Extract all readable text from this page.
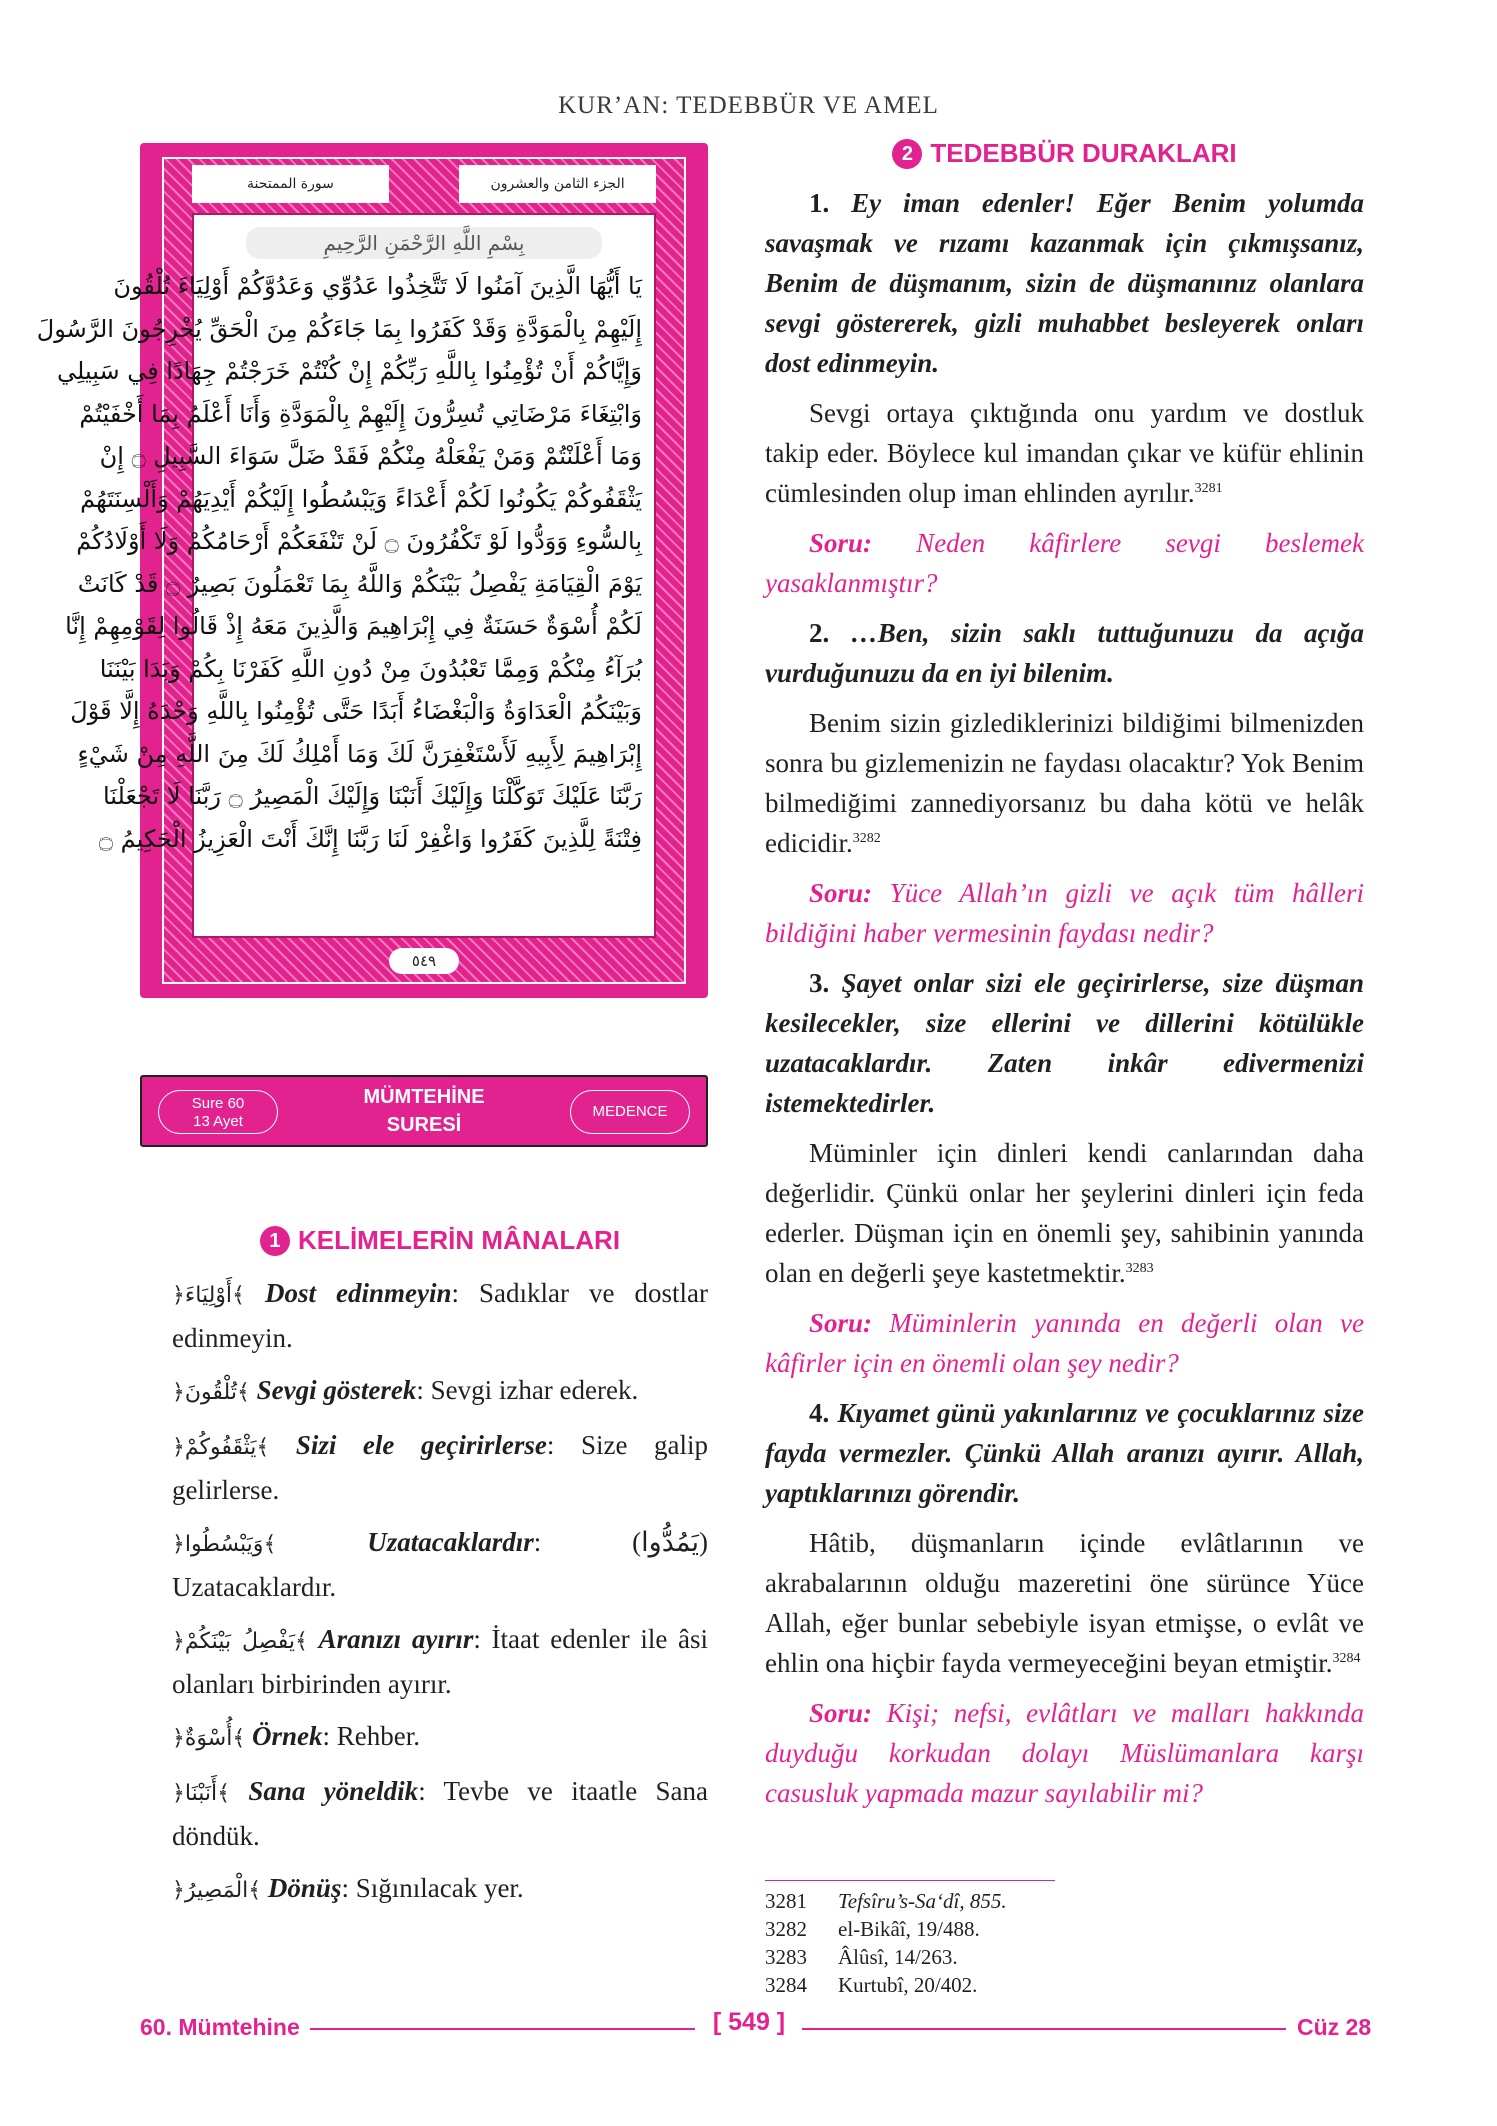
KUR’AN: TEDEBBÜR VE AMEL
سورة الممتحنة	الجزء الثامن والعشرون
بِسْمِ اللَّهِ الرَّحْمَنِ الرَّحِيمِ
يَا أَيُّهَا الَّذِينَ آمَنُوا لَا تَتَّخِذُوا عَدُوِّي وَعَدُوَّكُمْ أَوْلِيَاءَ تُلْقُونَ
إِلَيْهِمْ بِالْمَوَدَّةِ وَقَدْ كَفَرُوا بِمَا جَاءَكُمْ مِنَ الْحَقِّ يُخْرِجُونَ الرَّسُولَ
وَإِيَّاكُمْ أَنْ تُؤْمِنُوا بِاللَّهِ رَبِّكُمْ إِنْ كُنْتُمْ خَرَجْتُمْ جِهَادًا فِي سَبِيلِي
وَابْتِغَاءَ مَرْضَاتِي تُسِرُّونَ إِلَيْهِمْ بِالْمَوَدَّةِ وَأَنَا أَعْلَمُ بِمَا أَخْفَيْتُمْ
وَمَا أَعْلَنْتُمْ وَمَنْ يَفْعَلْهُ مِنْكُمْ فَقَدْ ضَلَّ سَوَاءَ السَّبِيلِ ۝ إِنْ
يَثْقَفُوكُمْ يَكُونُوا لَكُمْ أَعْدَاءً وَيَبْسُطُوا إِلَيْكُمْ أَيْدِيَهُمْ وَأَلْسِنَتَهُمْ
بِالسُّوءِ وَوَدُّوا لَوْ تَكْفُرُونَ ۝ لَنْ تَنْفَعَكُمْ أَرْحَامُكُمْ وَلَا أَوْلَادُكُمْ
يَوْمَ الْقِيَامَةِ يَفْصِلُ بَيْنَكُمْ وَاللَّهُ بِمَا تَعْمَلُونَ بَصِيرٌ ۝ قَدْ كَانَتْ
لَكُمْ أُسْوَةٌ حَسَنَةٌ فِي إِبْرَاهِيمَ وَالَّذِينَ مَعَهُ إِذْ قَالُوا لِقَوْمِهِمْ إِنَّا
بُرَآءُ مِنْكُمْ وَمِمَّا تَعْبُدُونَ مِنْ دُونِ اللَّهِ كَفَرْنَا بِكُمْ وَبَدَا بَيْنَنَا
وَبَيْنَكُمُ الْعَدَاوَةُ وَالْبَغْضَاءُ أَبَدًا حَتَّى تُؤْمِنُوا بِاللَّهِ وَحْدَهُ إِلَّا قَوْلَ
إِبْرَاهِيمَ لِأَبِيهِ لَأَسْتَغْفِرَنَّ لَكَ وَمَا أَمْلِكُ لَكَ مِنَ اللَّهِ مِنْ شَيْءٍ
رَبَّنَا عَلَيْكَ تَوَكَّلْنَا وَإِلَيْكَ أَنَبْنَا وَإِلَيْكَ الْمَصِيرُ ۝ رَبَّنَا لَا تَجْعَلْنَا
فِتْنَةً لِلَّذِينَ كَفَرُوا وَاغْفِرْ لَنَا رَبَّنَا إِنَّكَ أَنْتَ الْعَزِيزُ الْحَكِيمُ ۝
٥٤٩
Sure 60
13 Ayet
MÜMTEHİNE
SURESİ
MEDENCE
1 KELİMELERİN MÂNALARI
﴿أَوْلِيَاءَ﴾ Dost edinmeyin: Sadıklar ve dostlar edinmeyin.
﴿تُلْقُونَ﴾ Sevgi gösterek: Sevgi izhar ederek.
﴿يَثْقَفُوكُمْ﴾ Sizi ele geçirirlerse: Size galip gelirlerse.
﴿وَيَبْسُطُوا﴾	Uzatacaklardır: (يَمُدُّوا) Uzatacaklardır.
﴿يَفْصِلُ بَيْنَكُمْ﴾ Aranızı ayırır: İtaat edenler ile âsi olanları birbirinden ayırır.
﴿أُسْوَةٌ﴾ Örnek: Rehber.
﴿أَنَبْنَا﴾ Sana yöneldik: Tevbe ve itaatle Sana döndük.
﴿الْمَصِيرُ﴾ Dönüş: Sığınılacak yer.
2 TEDEBBÜR DURAKLARI
1. Ey iman edenler! Eğer Benim yolumda savaşmak ve rızamı kazanmak için çıkmışsanız, Benim de düşmanım, sizin de düşmanınız olanlara sevgi göstererek, gizli muhabbet besleyerek onları dost edinmeyin.
Sevgi ortaya çıktığında onu yardım ve dostluk takip eder. Böylece kul imandan çıkar ve küfür ehlinin cümlesinden olup iman ehlinden ayrılır.$^{3281}$
Soru: Neden kâfirlere sevgi beslemek yasaklanmıştır?
2. …Ben, sizin saklı tuttuğunuzu da açığa vurduğunuzu da en iyi bilenim.
Benim sizin gizlediklerinizi bildiğimi bilmenizden sonra bu gizlemenizin ne faydası olacaktır? Yok Benim bilmediğimi zannediyorsanız bu daha kötü ve helâk edicidir.$^{3282}$
Soru: Yüce Allah’ın gizli ve açık tüm hâlleri bildiğini haber vermesinin faydası nedir?
3. Şayet onlar sizi ele geçirirlerse, size düşman kesilecekler, size ellerini ve dillerini kötülükle uzatacaklardır. Zaten inkâr edivermenizi istemektedirler.
Müminler için dinleri kendi canlarından daha değerlidir. Çünkü onlar her şeylerini dinleri için feda ederler. Düşman için en önemli şey, sahibinin yanında olan en değerli şeye kastetmektir.$^{3283}$
Soru: Müminlerin yanında en değerli olan ve kâfirler için en önemli olan şey nedir?
4. Kıyamet günü yakınlarınız ve çocuklarınız size fayda vermezler. Çünkü Allah aranızı ayırır. Allah, yaptıklarınızı görendir.
Hâtib, düşmanların içinde evlâtlarının ve akrabalarının olduğu mazeretini öne sürünce Yüce Allah, eğer bunlar sebebiyle isyan etmişse, o evlât ve ehlin ona hiçbir fayda vermeyeceğini beyan etmiştir.$^{3284}$
Soru: Kişi; nefsi, evlâtları ve malları hakkında duyduğu korkudan dolayı Müslümanlara karşı casusluk yapmada mazur sayılabilir mi?
3281	Tefsîru’s-Sa‘dî, 855.
3282	el-Bikâî, 19/488.
3283	Âlûsî, 14/263.
3284	Kurtubî, 20/402.
60. Mümtehine	[ 549 ]	Cüz 28
